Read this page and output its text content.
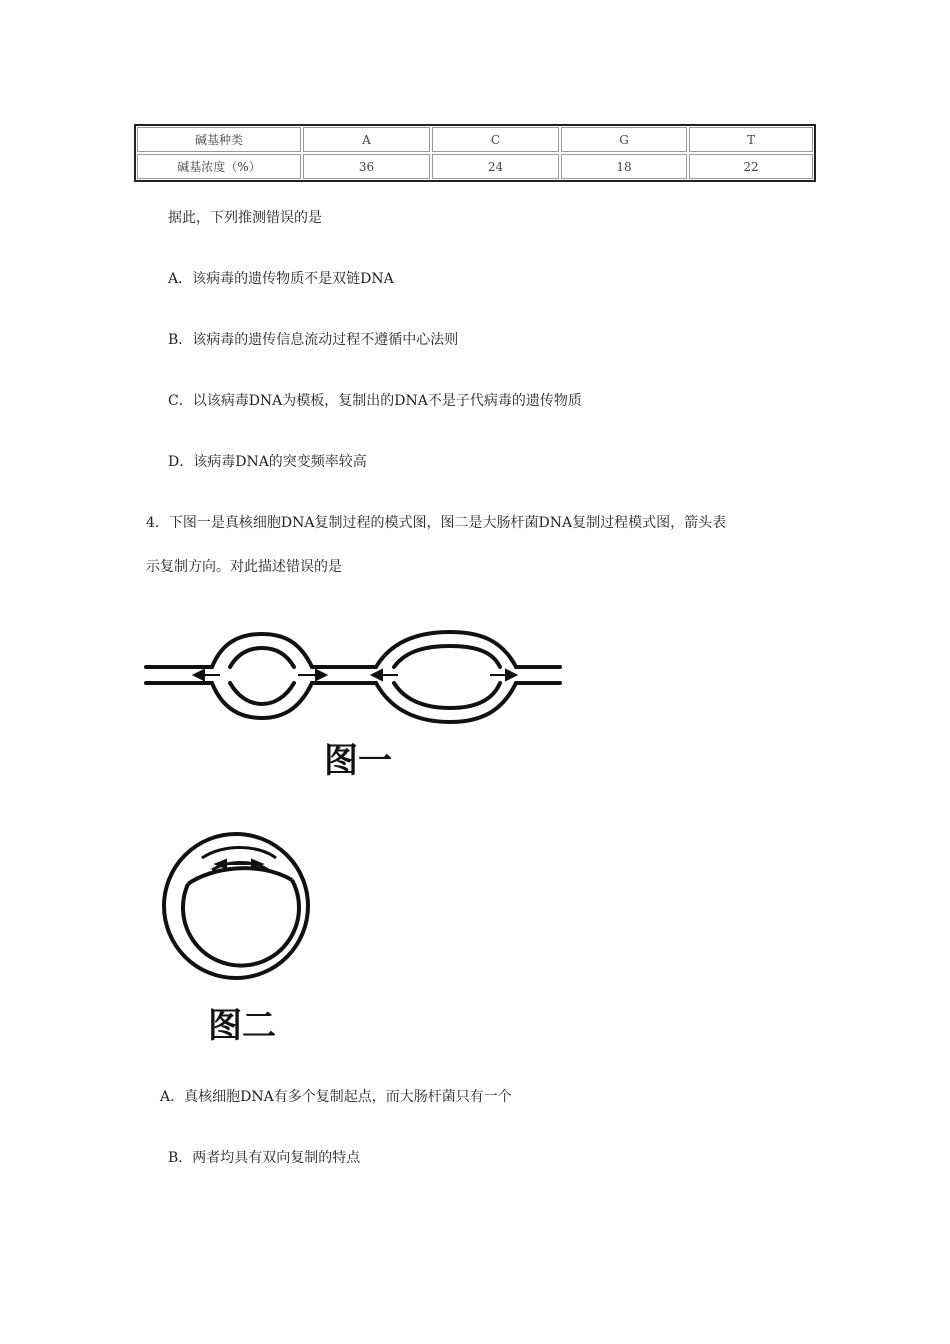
碱基种类	A	C	G	T
碱基浓度（%）	36	24	18	22
据此，下列推测错误的是
A．该病毒的遗传物质不是双链DNA
B．该病毒的遗传信息流动过程不遵循中心法则
C．以该病毒DNA为模板，复制出的DNA不是子代病毒的遗传物质
D．该病毒DNA的突变频率较高
4．下图一是真核细胞DNA复制过程的模式图，图二是大肠杆菌DNA复制过程模式图，箭头表
示复制方向。对此描述错误的是
图一
图二
A．真核细胞DNA有多个复制起点，而大肠杆菌只有一个
B．两者均具有双向复制的特点
